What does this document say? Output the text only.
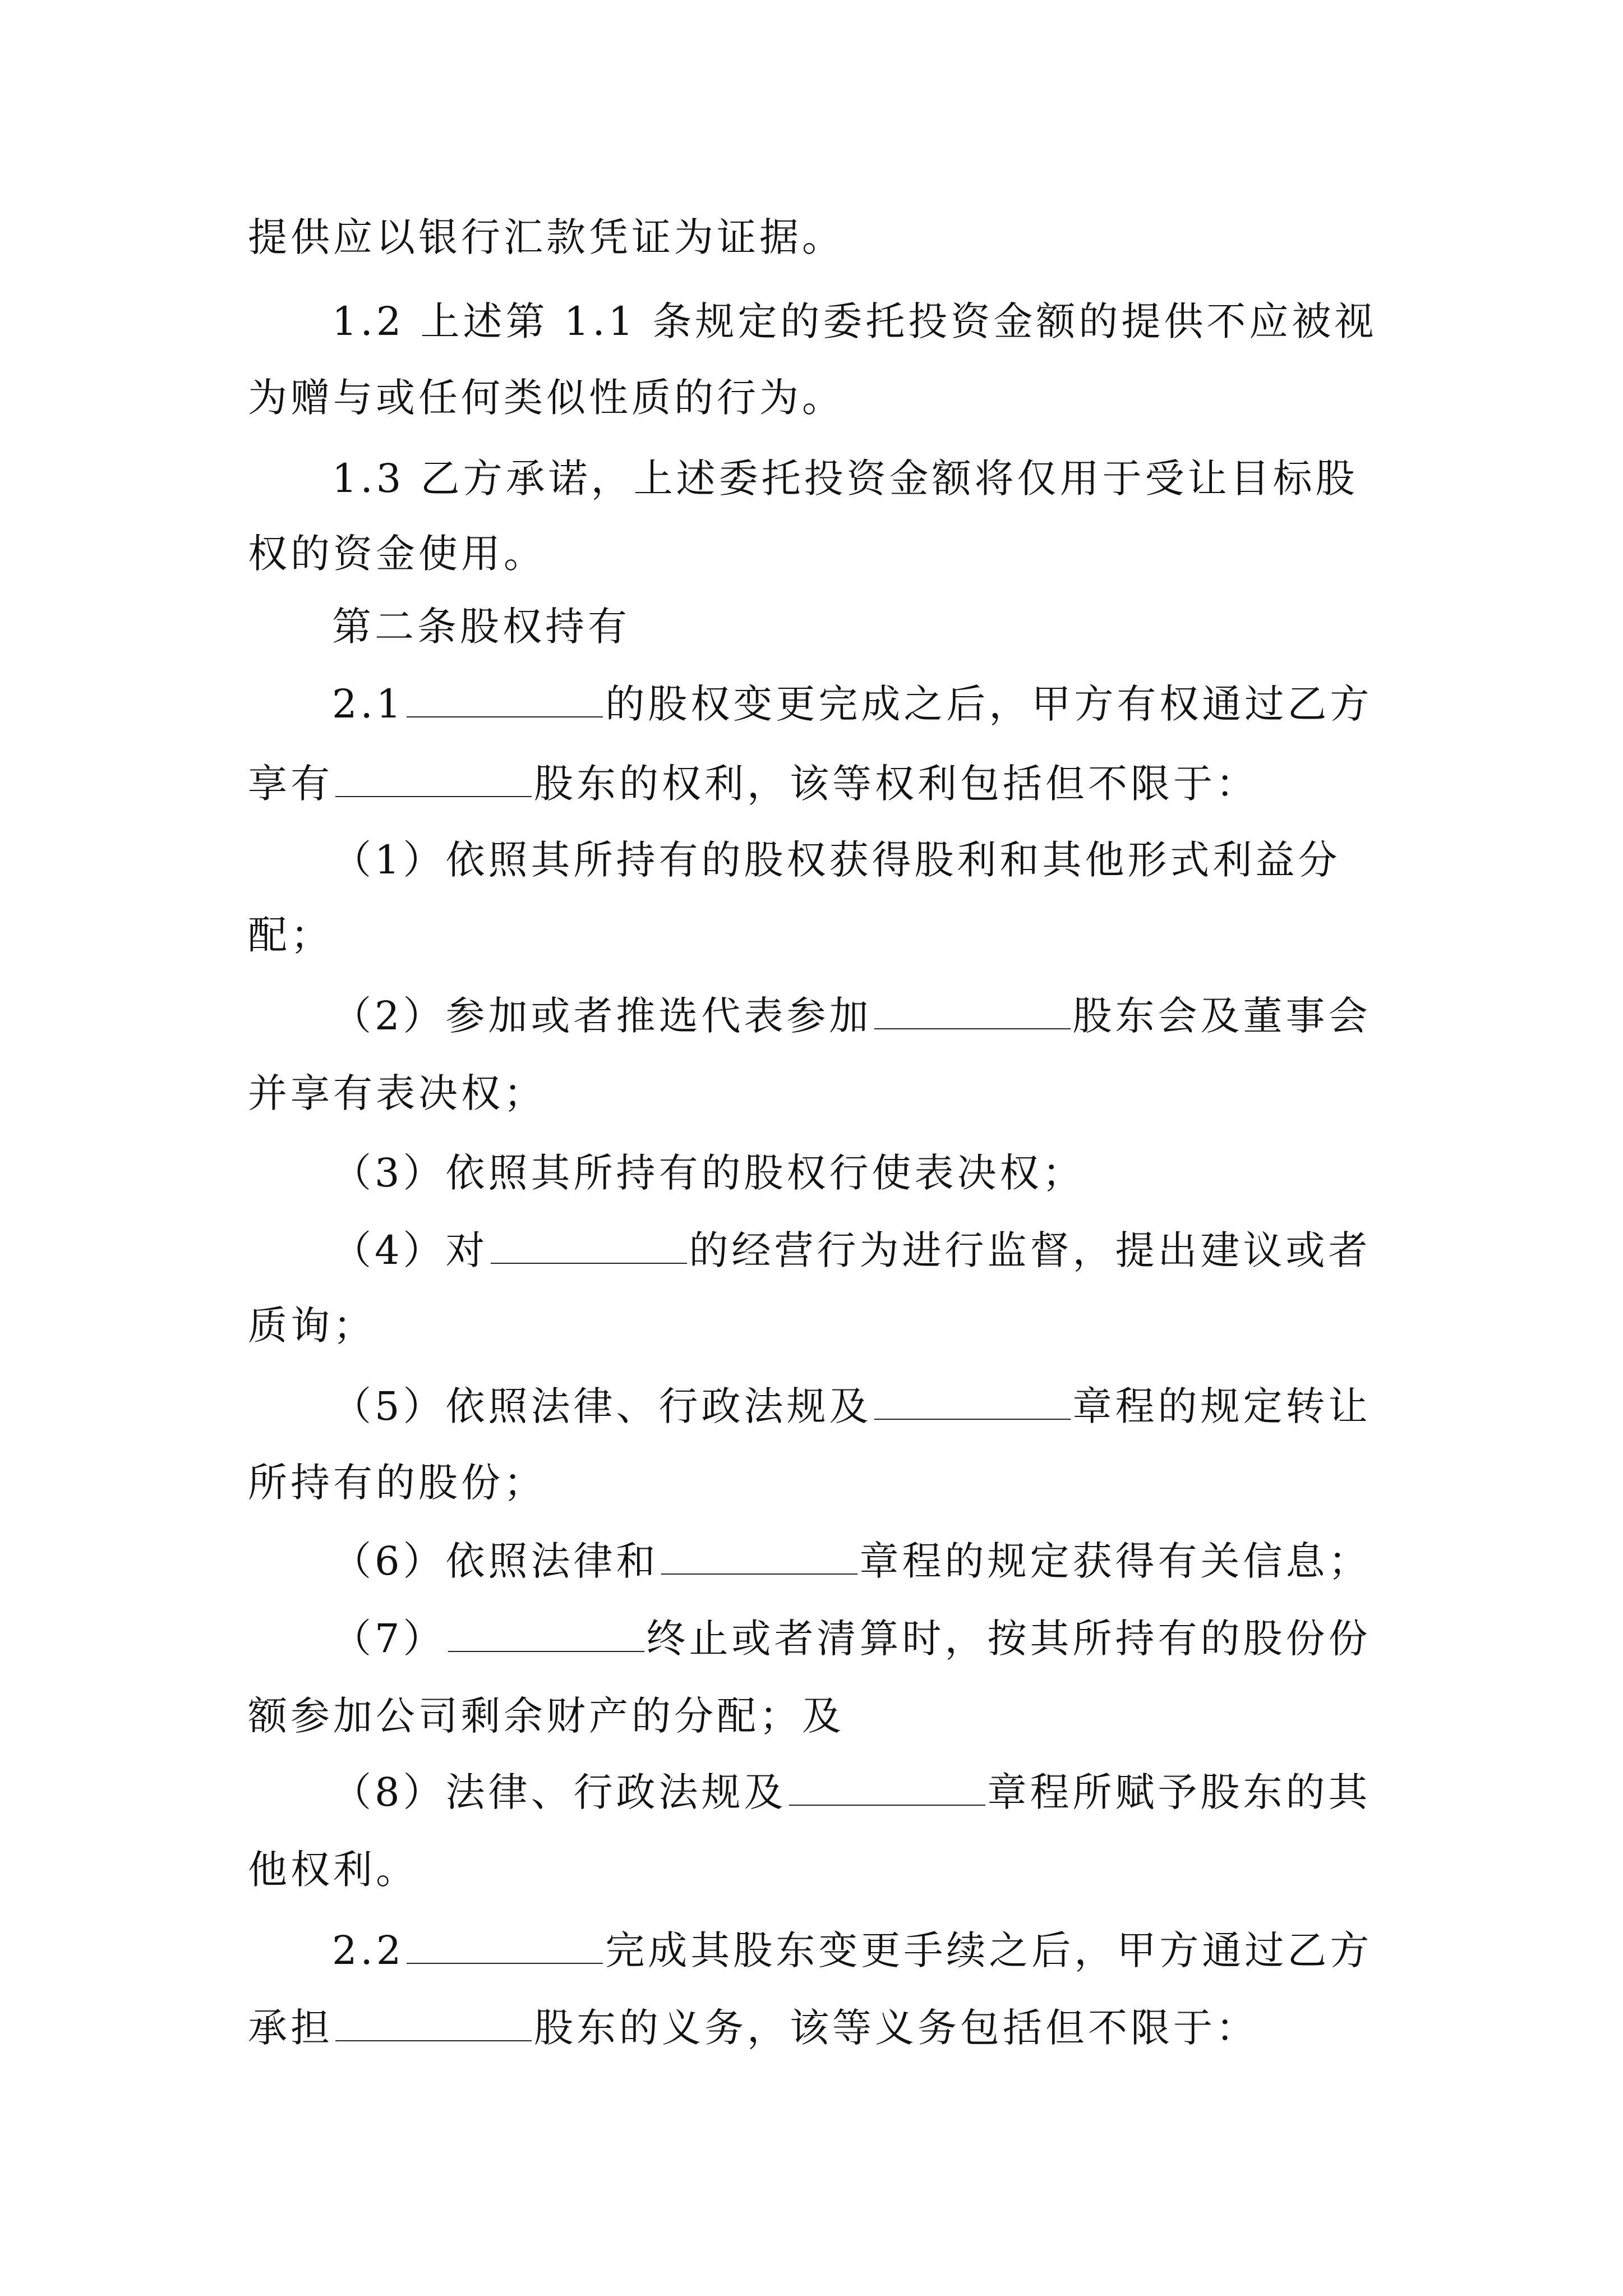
提供应以银行汇款凭证为证据。

1.2 上述第 1.1 条规定的委托投资金额的提供不应被视

为赠与或任何类似性质的行为。

1.3 乙方承诺，上述委托投资金额将仅用于受让目标股

权的资金使用。

第二条股权持有

2.1	的股权变更完成之后，甲方有权通过乙方

享有	股东的权利，该等权利包括但不限于：

（1）依照其所持有的股权获得股利和其他形式利益分

配；

（2）参加或者推选代表参加	股东会及董事会

并享有表决权；

（3）依照其所持有的股权行使表决权；

（4）对	的经营行为进行监督，提出建议或者

质询；

（5）依照法律、行政法规及	章程的规定转让

所持有的股份；

（6）依照法律和	章程的规定获得有关信息；

（7）	终止或者清算时，按其所持有的股份份

额参加公司剩余财产的分配；及

（8）法律、行政法规及	章程所赋予股东的其

他权利。

2.2	完成其股东变更手续之后，甲方通过乙方

承担	股东的义务，该等义务包括但不限于：
